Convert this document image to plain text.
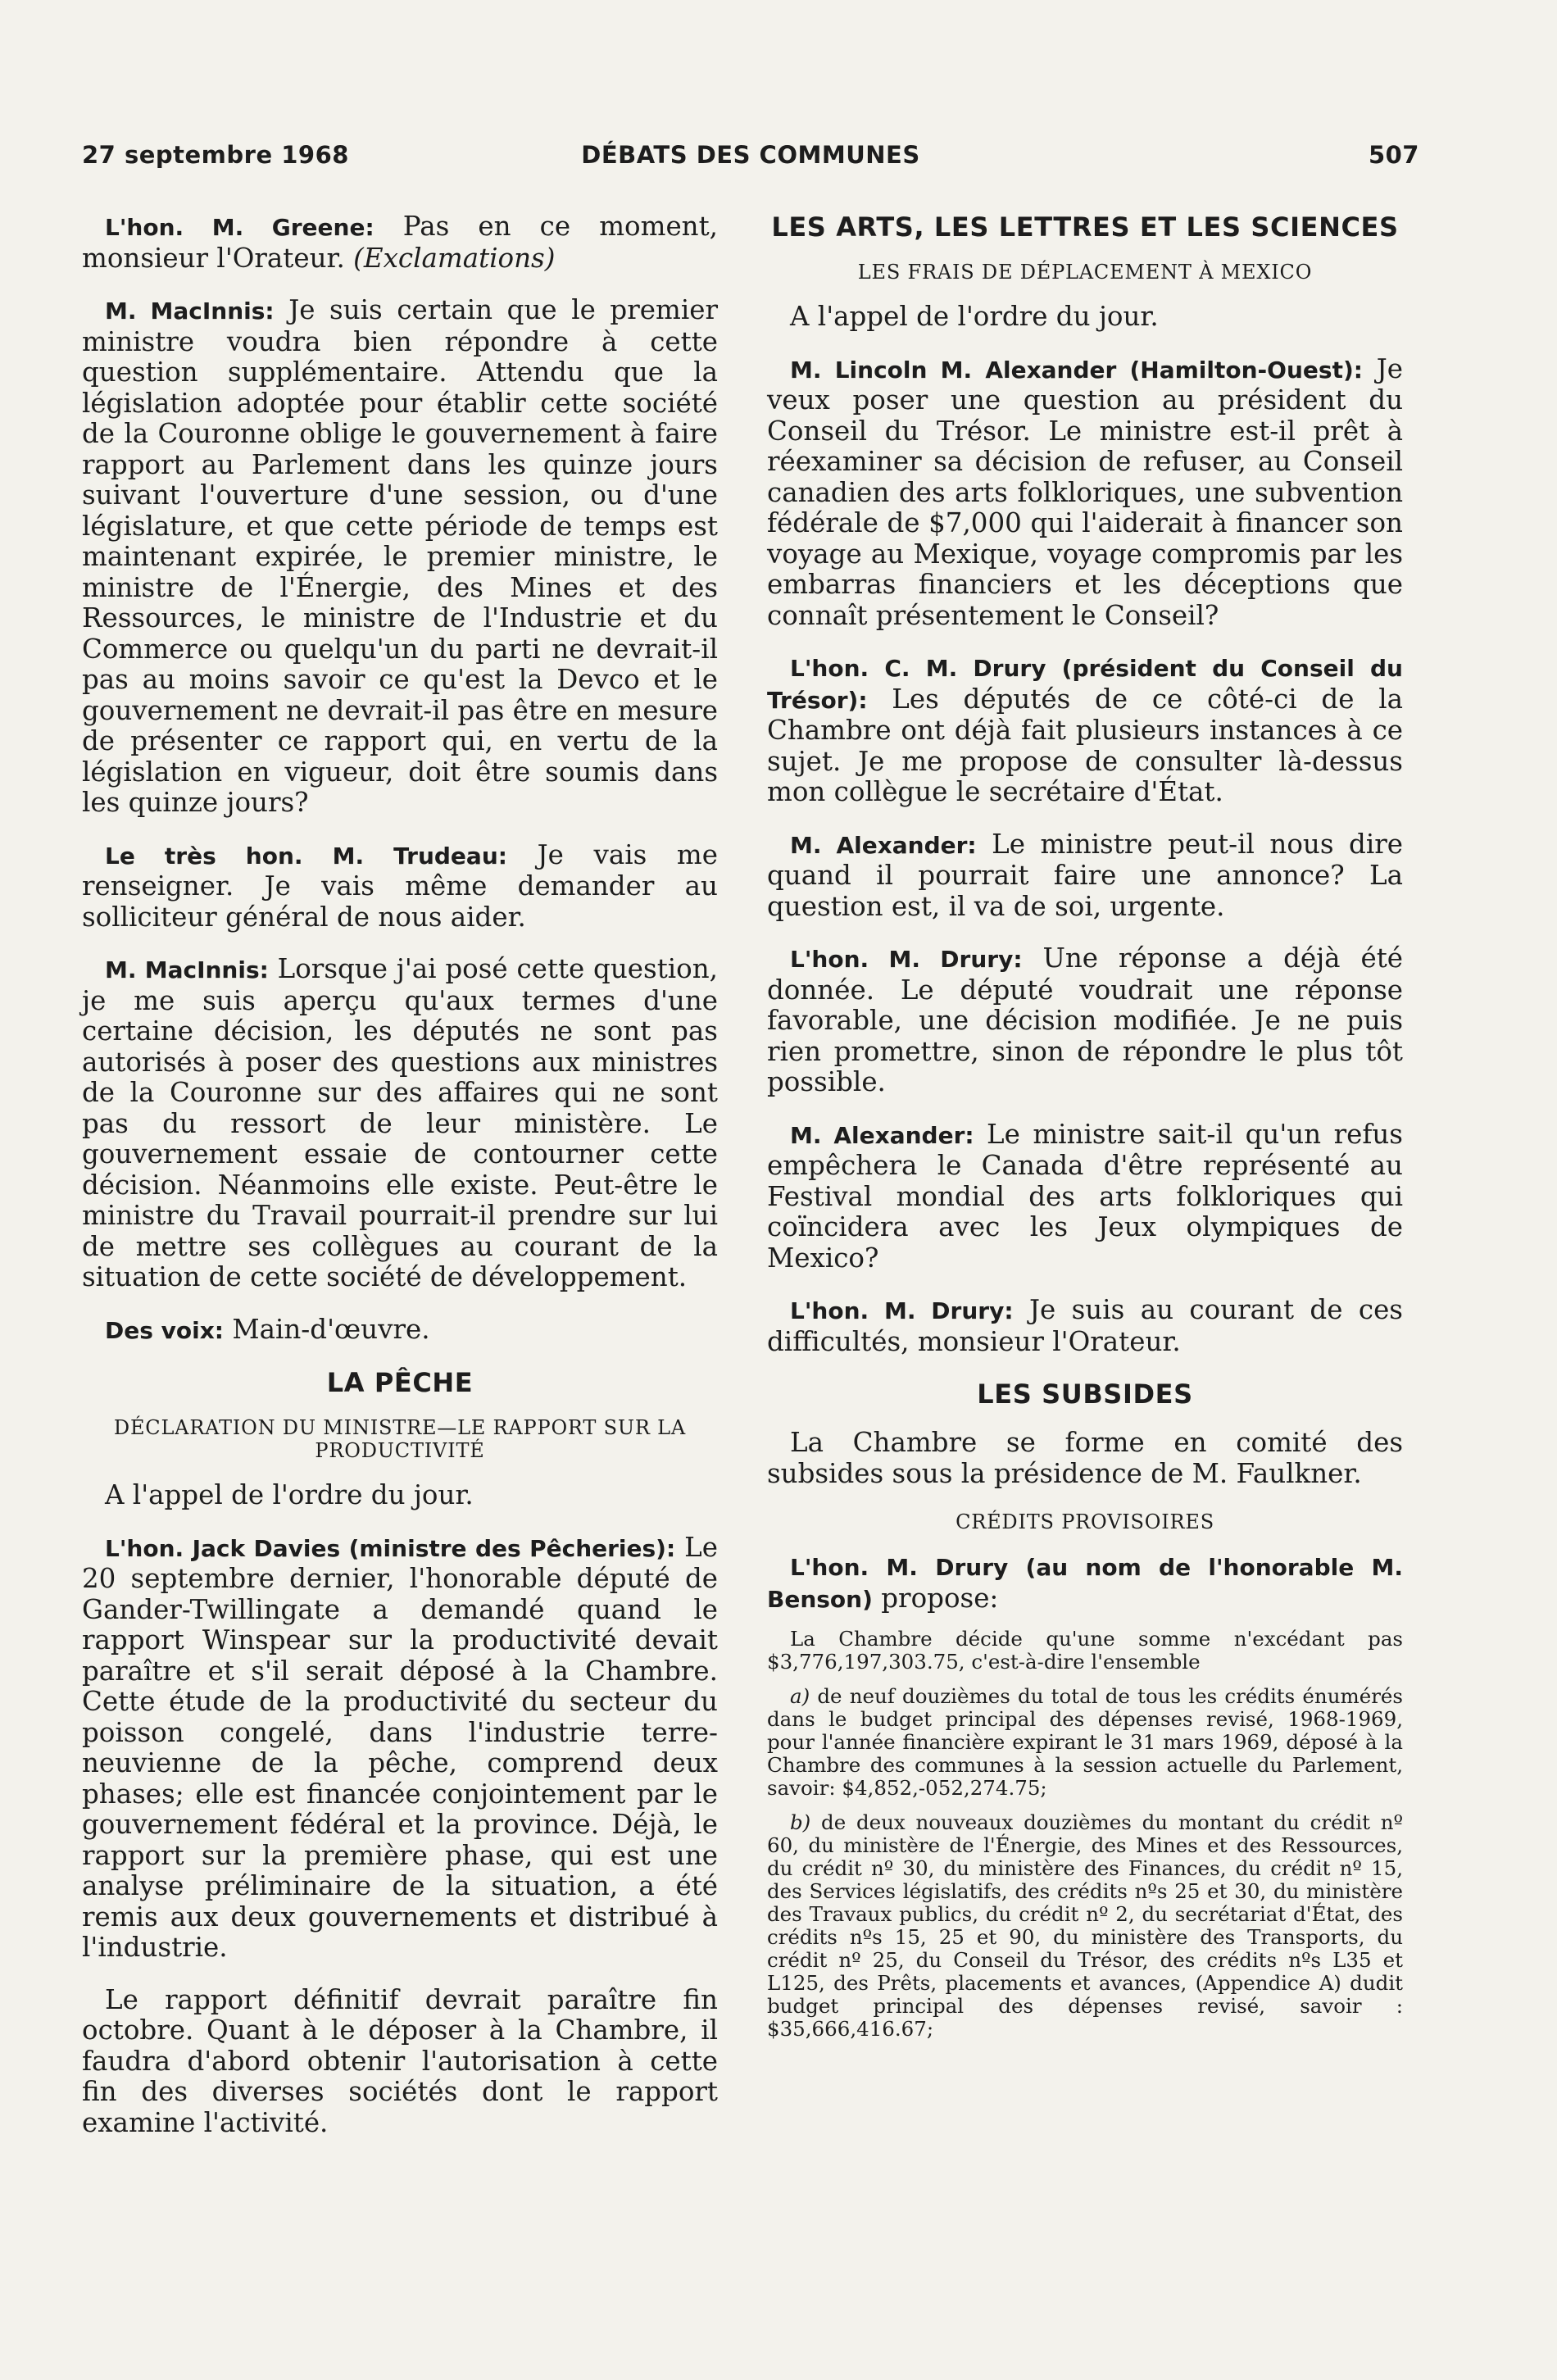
27 septembre 1968	DÉBATS DES COMMUNES	507

L'hon. M. Greene: Pas en ce moment, monsieur l'Orateur. (Exclamations)

M. MacInnis: Je suis certain que le premier ministre voudra bien répondre à cette question supplémentaire. Attendu que la législation adoptée pour établir cette société de la Couronne oblige le gouvernement à faire rapport au Parlement dans les quinze jours suivant l'ouverture d'une session, ou d'une législature, et que cette période de temps est maintenant expirée, le premier ministre, le ministre de l'Énergie, des Mines et des Ressources, le ministre de l'Industrie et du Commerce ou quelqu'un du parti ne devrait-il pas au moins savoir ce qu'est la Devco et le gouvernement ne devrait-il pas être en mesure de présenter ce rapport qui, en vertu de la législation en vigueur, doit être soumis dans les quinze jours?

Le très hon. M. Trudeau: Je vais me renseigner. Je vais même demander au solliciteur général de nous aider.

M. MacInnis: Lorsque j'ai posé cette question, je me suis aperçu qu'aux termes d'une certaine décision, les députés ne sont pas autorisés à poser des questions aux ministres de la Couronne sur des affaires qui ne sont pas du ressort de leur ministère. Le gouvernement essaie de contourner cette décision. Néanmoins elle existe. Peut-être le ministre du Travail pourrait-il prendre sur lui de mettre ses collègues au courant de la situation de cette société de développement.

Des voix: Main-d'œuvre.

LA PÊCHE
DÉCLARATION DU MINISTRE—LE RAPPORT SUR LA PRODUCTIVITÉ

A l'appel de l'ordre du jour.

L'hon. Jack Davies (ministre des Pêcheries): Le 20 septembre dernier, l'honorable député de Gander-Twillingate a demandé quand le rapport Winspear sur la productivité devait paraître et s'il serait déposé à la Chambre. Cette étude de la productivité du secteur du poisson congelé, dans l'industrie terre-neuvienne de la pêche, comprend deux phases; elle est financée conjointement par le gouvernement fédéral et la province. Déjà, le rapport sur la première phase, qui est une analyse préliminaire de la situation, a été remis aux deux gouvernements et distribué à l'industrie.

Le rapport définitif devrait paraître fin octobre. Quant à le déposer à la Chambre, il faudra d'abord obtenir l'autorisation à cette fin des diverses sociétés dont le rapport examine l'activité.

LES ARTS, LES LETTRES ET LES SCIENCES
LES FRAIS DE DÉPLACEMENT À MEXICO

A l'appel de l'ordre du jour.

M. Lincoln M. Alexander (Hamilton-Ouest): Je veux poser une question au président du Conseil du Trésor. Le ministre est-il prêt à réexaminer sa décision de refuser, au Conseil canadien des arts folkloriques, une subvention fédérale de $7,000 qui l'aiderait à financer son voyage au Mexique, voyage compromis par les embarras financiers et les déceptions que connaît présentement le Conseil?

L'hon. C. M. Drury (président du Conseil du Trésor): Les députés de ce côté-ci de la Chambre ont déjà fait plusieurs instances à ce sujet. Je me propose de consulter là-dessus mon collègue le secrétaire d'État.

M. Alexander: Le ministre peut-il nous dire quand il pourrait faire une annonce? La question est, il va de soi, urgente.

L'hon. M. Drury: Une réponse a déjà été donnée. Le député voudrait une réponse favorable, une décision modifiée. Je ne puis rien promettre, sinon de répondre le plus tôt possible.

M. Alexander: Le ministre sait-il qu'un refus empêchera le Canada d'être représenté au Festival mondial des arts folkloriques qui coïncidera avec les Jeux olympiques de Mexico?

L'hon. M. Drury: Je suis au courant de ces difficultés, monsieur l'Orateur.

LES SUBSIDES

La Chambre se forme en comité des subsides sous la présidence de M. Faulkner.

CRÉDITS PROVISOIRES

L'hon. M. Drury (au nom de l'honorable M. Benson) propose:

La Chambre décide qu'une somme n'excédant pas $3,776,197,303.75, c'est-à-dire l'ensemble

a) de neuf douzièmes du total de tous les crédits énumérés dans le budget principal des dépenses revisé, 1968-1969, pour l'année financière expirant le 31 mars 1969, déposé à la Chambre des communes à la session actuelle du Parlement, savoir: $4,852,-052,274.75;

b) de deux nouveaux douzièmes du montant du crédit nº 60, du ministère de l'Énergie, des Mines et des Ressources, du crédit nº 30, du ministère des Finances, du crédit nº 15, des Services législatifs, des crédits nºs 25 et 30, du ministère des Travaux publics, du crédit nº 2, du secrétariat d'État, des crédits nºs 15, 25 et 90, du ministère des Transports, du crédit nº 25, du Conseil du Trésor, des crédits nºs L35 et L125, des Prêts, placements et avances, (Appendice A) dudit budget principal des dépenses revisé, savoir : $35,666,416.67;
